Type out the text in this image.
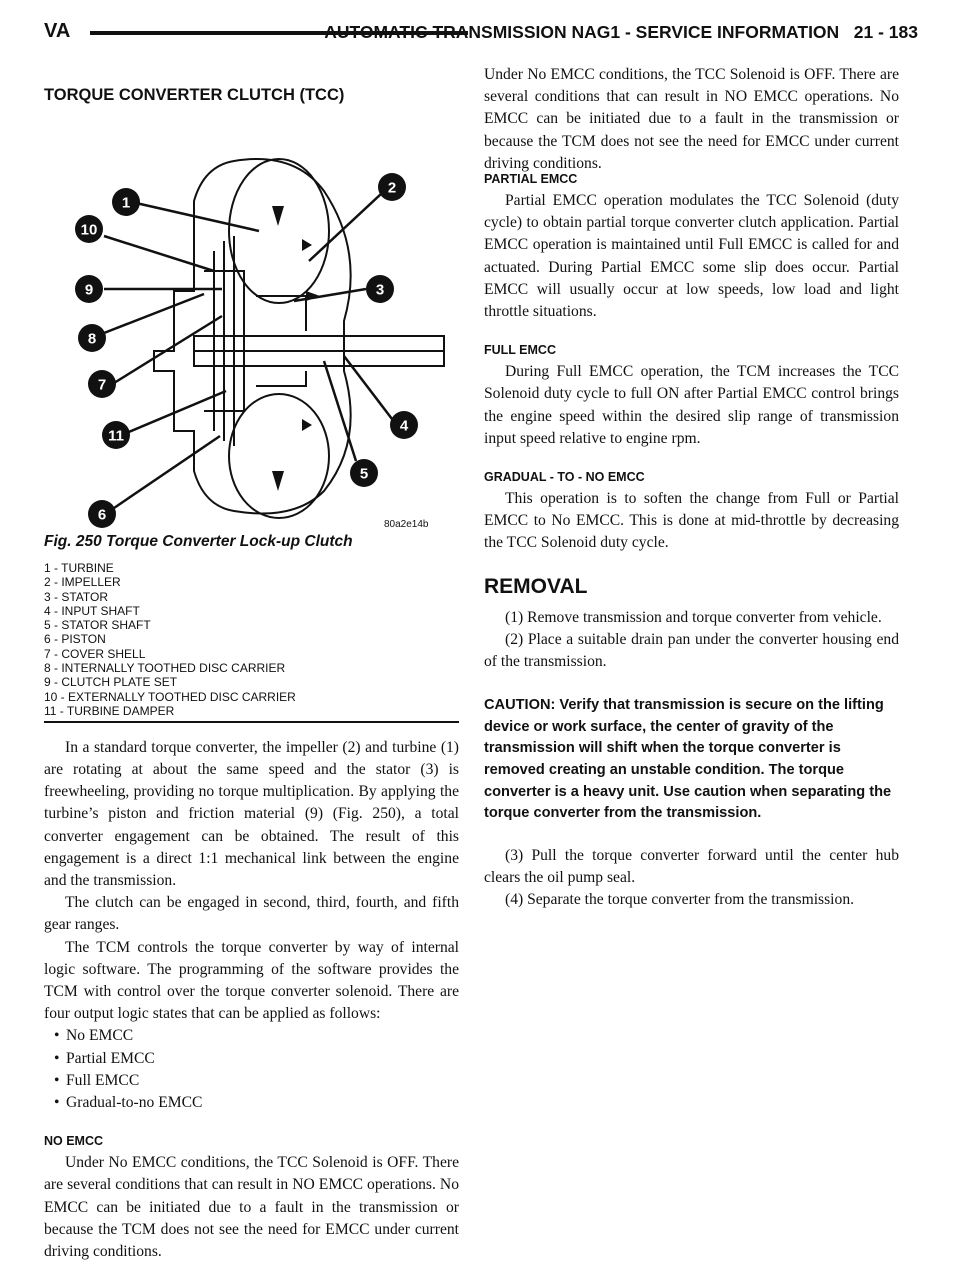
VA	AUTOMATIC TRANSMISSION NAG1 - SERVICE INFORMATION   21 - 183
TORQUE CONVERTER CLUTCH (TCC)
1
2
10
9	3
8
7
11
4
5
6
80a2e14b
Fig. 250 Torque Converter Lock-up Clutch
1 - TURBINE
2 - IMPELLER
3 - STATOR
4 - INPUT SHAFT
5 - STATOR SHAFT
6 - PISTON
7 - COVER SHELL
8 - INTERNALLY TOOTHED DISC CARRIER
9 - CLUTCH PLATE SET
10 - EXTERNALLY TOOTHED DISC CARRIER
11 - TURBINE DAMPER

In a standard torque converter, the impeller (2) and turbine (1) are rotating at about the same speed and the stator (3) is freewheeling, providing no torque multiplication. By applying the turbine’s piston and friction material (9) (Fig. 250), a total converter engagement can be obtained. The result of this engagement is a direct 1:1 mechanical link between the engine and the transmission.

The clutch can be engaged in second, third, fourth, and fifth gear ranges.

The TCM controls the torque converter by way of internal logic software. The programming of the software provides the TCM with control over the torque converter solenoid. There are four output logic states that can be applied as follows:

• No EMCC
• Partial EMCC
• Full EMCC
• Gradual-to-no EMCC
NO EMCC

Under No EMCC conditions, the TCC Solenoid is OFF. There are several conditions that can result in NO EMCC operations. No EMCC can be initiated due to a fault in the transmission or because the TCM does not see the need for EMCC under current driving conditions.

Under No EMCC conditions, the TCC Solenoid is OFF. There are several conditions that can result in NO EMCC operations. No EMCC can be initiated due to a fault in the transmission or because the TCM does not see the need for EMCC under current driving conditions.

PARTIAL EMCC

Partial EMCC operation modulates the TCC Solenoid (duty cycle) to obtain partial torque converter clutch application. Partial EMCC operation is maintained until Full EMCC is called for and actuated. During Partial EMCC some slip does occur. Partial EMCC will usually occur at low speeds, low load and light throttle situations.

FULL EMCC

During Full EMCC operation, the TCM increases the TCC Solenoid duty cycle to full ON after Partial EMCC control brings the engine speed within the desired slip range of transmission input speed relative to engine rpm.

GRADUAL - TO - NO EMCC

This operation is to soften the change from Full or Partial EMCC to No EMCC. This is done at mid-throttle by decreasing the TCC Solenoid duty cycle.

REMOVAL

(1) Remove transmission and torque converter from vehicle.

(2) Place a suitable drain pan under the converter housing end of the transmission.

CAUTION: Verify that transmission is secure on the lifting device or work surface, the center of gravity of the transmission will shift when the torque converter is removed creating an unstable condition. The torque converter is a heavy unit. Use caution when separating the torque converter from the transmission.

(3) Pull the torque converter forward until the center hub clears the oil pump seal.

(4) Separate the torque converter from the transmission.
